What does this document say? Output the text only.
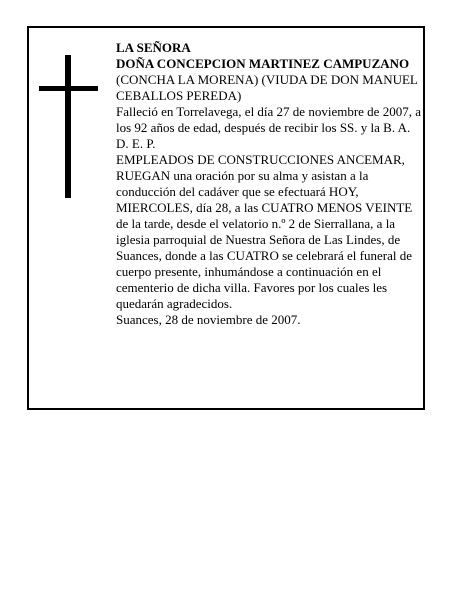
LA SEÑORA

DOÑA CONCEPCION MARTINEZ CAMPUZANO

(CONCHA LA MORENA) (VIUDA DE DON MANUEL CEBALLOS PEREDA)

Falleció en Torrelavega, el día 27 de noviembre de 2007, a los 92 años de edad, después de recibir los SS. y la B. A.

D. E. P.

EMPLEADOS DE CONSTRUCCIONES ANCEMAR, RUEGAN una oración por su alma y asistan a la conducción del cadáver que se efectuará HOY, MIERCOLES, día 28, a las CUATRO MENOS VEINTE de la tarde, desde el velatorio n.º 2 de Sierrallana, a la iglesia parroquial de Nuestra Señora de Las Lindes, de Suances, donde a las CUATRO se celebrará el funeral de cuerpo presente, inhumándose a continuación en el cementerio de dicha villa. Favores por los cuales les quedarán agradecidos.

Suances, 28 de noviembre de 2007.
